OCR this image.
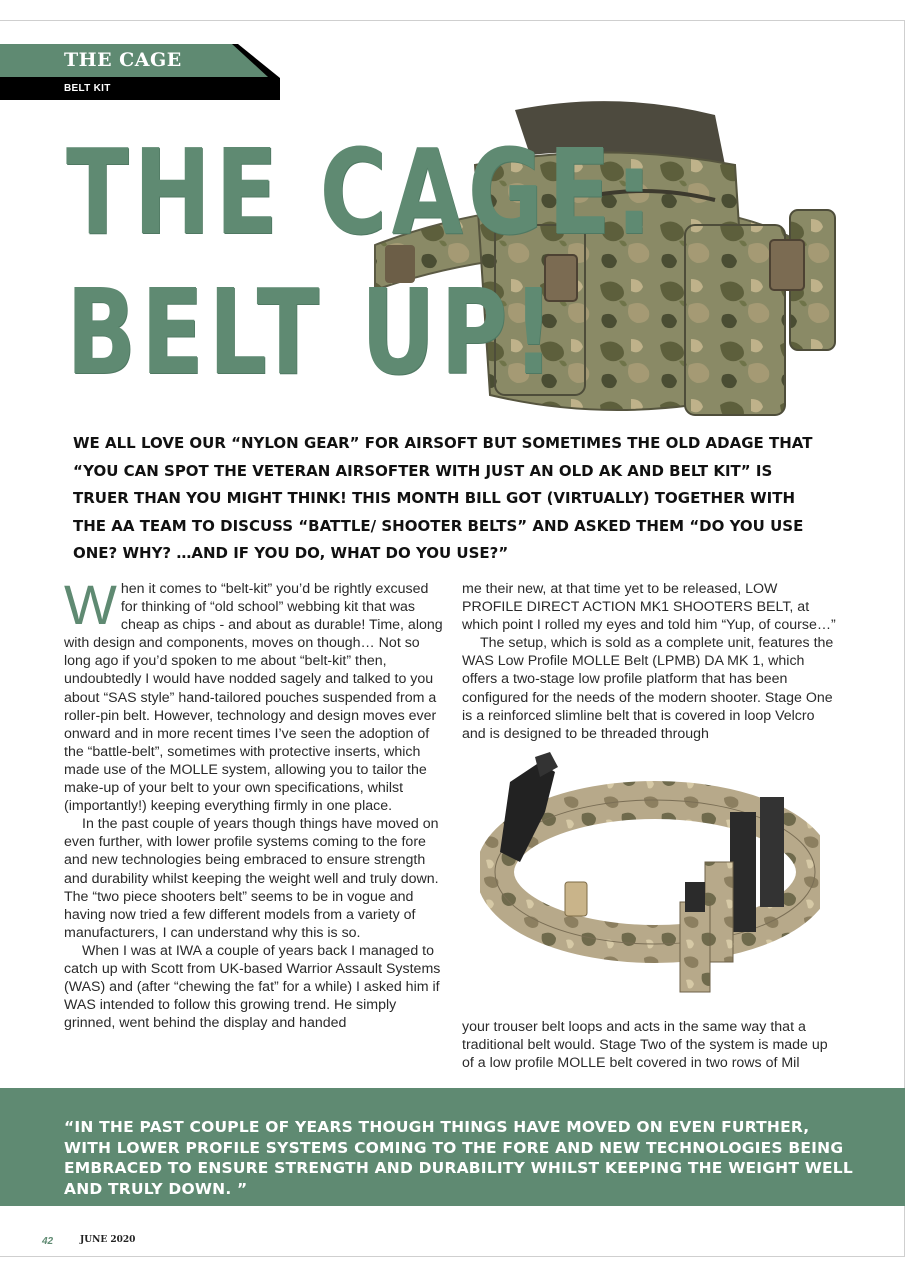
THE CAGE
BELT KIT
THE CAGE:
BELT UP!
WE ALL LOVE OUR “NYLON GEAR” FOR AIRSOFT BUT SOMETIMES THE OLD ADAGE THAT “YOU CAN SPOT THE VETERAN AIRSOFTER WITH JUST AN OLD AK AND BELT KIT” IS TRUER THAN YOU MIGHT THINK! THIS MONTH BILL GOT (VIRTUALLY) TOGETHER WITH THE AA TEAM TO DISCUSS “BATTLE/ SHOOTER BELTS” AND ASKED THEM “DO YOU USE ONE? WHY? …AND IF YOU DO, WHAT DO YOU USE?”

When it comes to “belt-kit” you’d be rightly excused for thinking of “old school” webbing kit that was cheap as chips - and about as durable! Time, along with design and components, moves on though… Not so long ago if you’d spoken to me about “belt-kit” then, undoubtedly I would have nodded sagely and talked to you about “SAS style” hand-tailored pouches suspended from a roller-pin belt. However, technology and design moves ever onward and in more recent times I’ve seen the adoption of the “battle-belt”, sometimes with protective inserts, which made use of the MOLLE system, allowing you to tailor the make-up of your belt to your own specifications, whilst (importantly!) keeping everything firmly in one place.

In the past couple of years though things have moved on even further, with lower profile systems coming to the fore and new technologies being embraced to ensure strength and durability whilst keeping the weight well and truly down. The “two piece shooters belt” seems to be in vogue and having now tried a few different models from a variety of manufacturers, I can understand why this is so.

When I was at IWA a couple of years back I managed to catch up with Scott from UK-based Warrior Assault Systems (WAS) and (after “chewing the fat” for a while) I asked him if WAS intended to follow this growing trend. He simply grinned, went behind the display and handed

me their new, at that time yet to be released, LOW PROFILE DIRECT ACTION MK1 SHOOTERS BELT, at which point I rolled my eyes and told him “Yup, of course…”

The setup, which is sold as a complete unit, features the WAS Low Profile MOLLE Belt (LPMB) DA MK 1, which offers a two-stage low profile platform that has been configured for the needs of the modern shooter. Stage One is a reinforced slimline belt that is covered in loop Velcro and is designed to be threaded through

your trouser belt loops and acts in the same way that a traditional belt would. Stage Two of the system is made up of a low profile MOLLE belt covered in two rows of Mil

“IN THE PAST COUPLE OF YEARS THOUGH THINGS HAVE MOVED ON EVEN FURTHER, WITH LOWER PROFILE SYSTEMS COMING TO THE FORE AND NEW TECHNOLOGIES BEING EMBRACED TO ENSURE STRENGTH AND DURABILITY WHILST KEEPING THE WEIGHT WELL AND TRULY DOWN. ”
42	JUNE 2020
